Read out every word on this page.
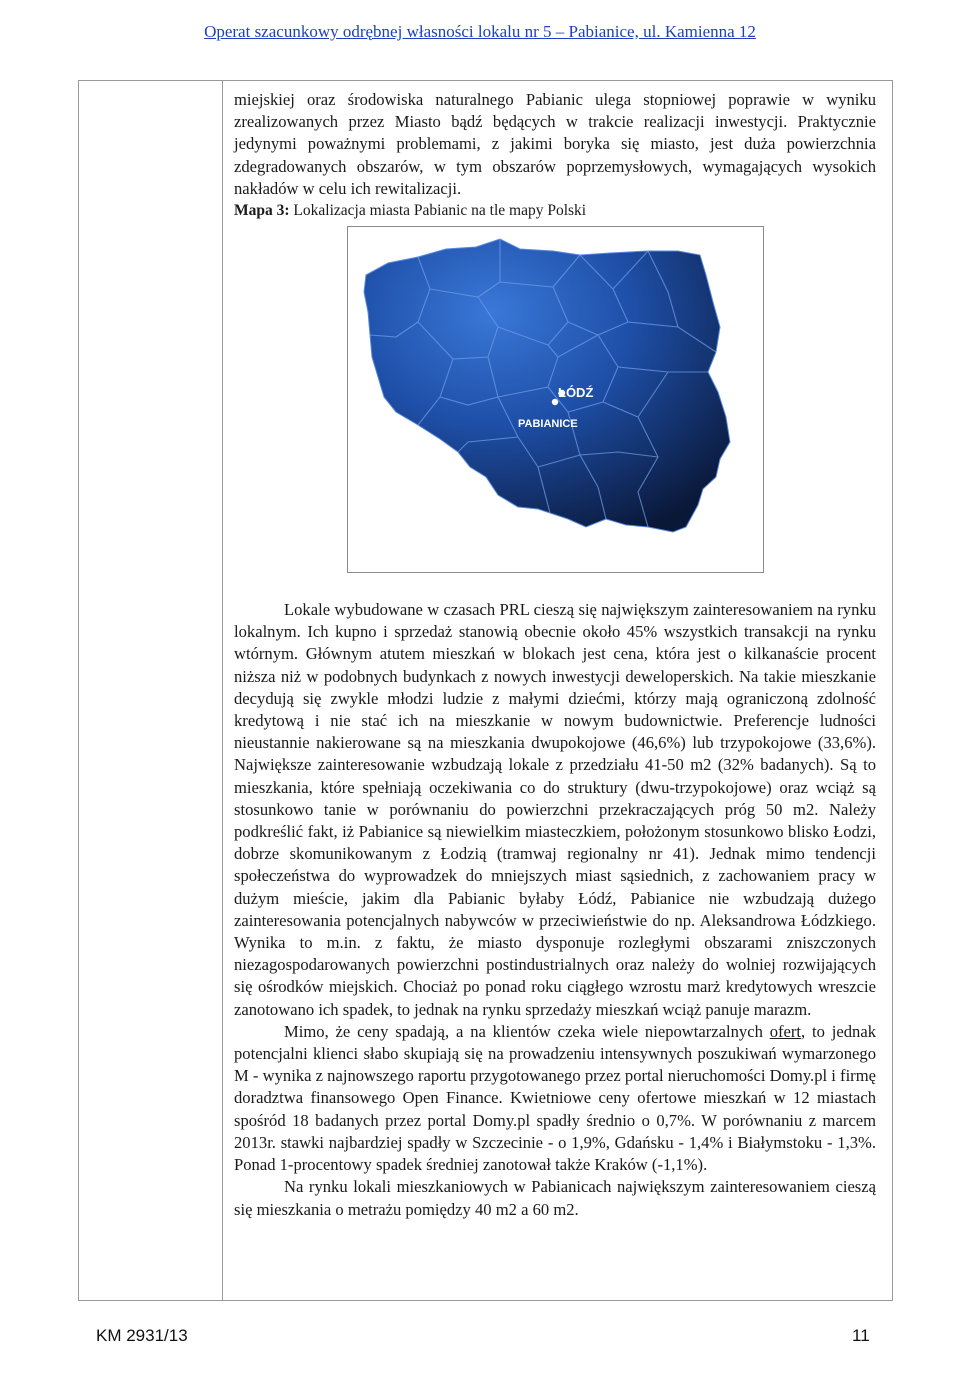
Operat szacunkowy odrębnej własności lokalu nr 5 – Pabianice, ul. Kamienna 12

miejskiej oraz środowiska naturalnego Pabianic ulega stopniowej poprawie w wyniku zrealizowanych przez Miasto bądź będących w trakcie realizacji inwestycji. Praktycznie jedynymi poważnymi problemami, z jakimi boryka się miasto, jest duża powierzchnia zdegradowanych obszarów, w tym obszarów poprzemysłowych, wymagających wysokich nakładów w celu ich rewitalizacji.

Mapa 3: Lokalizacja miasta Pabianic na tle mapy Polski

ŁÓDŹ
PABIANICE

Lokale wybudowane w czasach PRL cieszą się największym zainteresowaniem na rynku lokalnym. Ich kupno i sprzedaż stanowią obecnie około 45% wszystkich transakcji na rynku wtórnym. Głównym atutem mieszkań w blokach jest cena, która jest o kilkanaście procent niższa niż w podobnych budynkach z nowych inwestycji deweloperskich. Na takie mieszkanie decydują się zwykle młodzi ludzie z małymi dziećmi, którzy mają ograniczoną zdolność kredytową i nie stać ich na mieszkanie w nowym budownictwie. Preferencje ludności nieustannie nakierowane są na mieszkania dwupokojowe (46,6%) lub trzypokojowe (33,6%). Największe zainteresowanie wzbudzają lokale z przedziału 41-50 m2 (32% badanych). Są to mieszkania, które spełniają oczekiwania co do struktury (dwu-trzypokojowe) oraz wciąż są stosunkowo tanie w porównaniu do powierzchni przekraczających próg 50 m2. Należy podkreślić fakt, iż Pabianice są niewielkim miasteczkiem, położonym stosunkowo blisko Łodzi, dobrze skomunikowanym z Łodzią (tramwaj regionalny nr 41). Jednak mimo tendencji społeczeństwa do wyprowadzek do mniejszych miast sąsiednich, z zachowaniem pracy w dużym mieście, jakim dla Pabianic byłaby Łódź, Pabianice nie wzbudzają dużego zainteresowania potencjalnych nabywców w przeciwieństwie do np. Aleksandrowa Łódzkiego. Wynika to m.in. z faktu, że miasto dysponuje rozległymi obszarami zniszczonych niezagospodarowanych powierzchni postindustrialnych oraz należy do wolniej rozwijających się ośrodków miejskich. Chociaż po ponad roku ciągłego wzrostu marż kredytowych wreszcie zanotowano ich spadek, to jednak na rynku sprzedaży mieszkań wciąż panuje marazm.

Mimo, że ceny spadają, a na klientów czeka wiele niepowtarzalnych ofert, to jednak potencjalni klienci słabo skupiają się na prowadzeniu intensywnych poszukiwań wymarzonego M - wynika z najnowszego raportu przygotowanego przez portal nieruchomości Domy.pl i firmę doradztwa finansowego Open Finance. Kwietniowe ceny ofertowe mieszkań w 12 miastach spośród 18 badanych przez portal Domy.pl spadły średnio o 0,7%. W porównaniu z marcem 2013r. stawki najbardziej spadły w Szczecinie - o 1,9%, Gdańsku - 1,4% i Białymstoku - 1,3%. Ponad 1-procentowy spadek średniej zanotował także Kraków (-1,1%).

Na rynku lokali mieszkaniowych w Pabianicach największym zainteresowaniem cieszą się mieszkania o metrażu pomiędzy 40 m2 a 60 m2.

KM 2931/13	11
